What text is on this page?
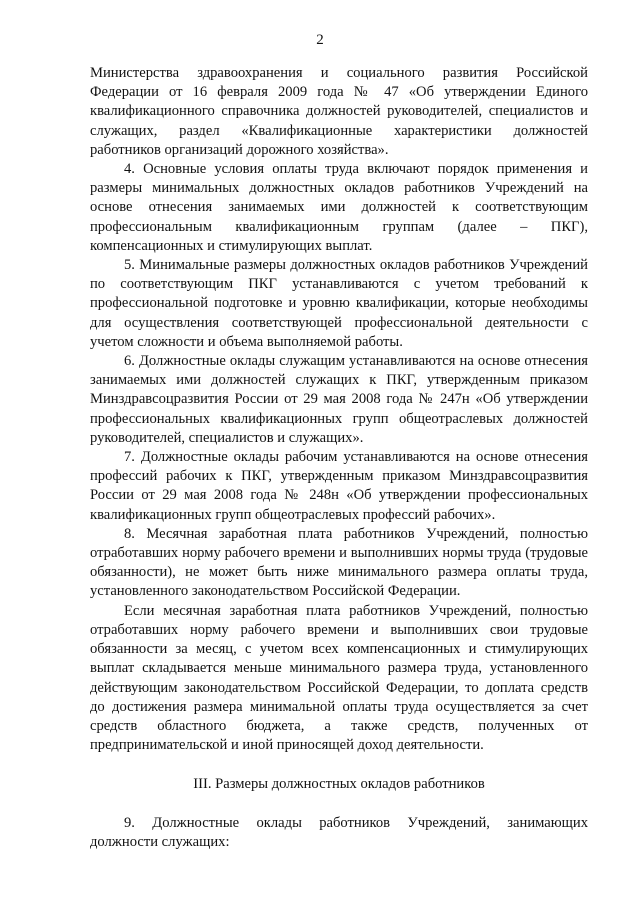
2

Министерства здравоохранения и социального развития Российской Федерации от 16 февраля 2009 года № 47 «Об утверждении Единого квалификационного справочника должностей руководителей, специалистов и служащих, раздел «Квалификационные характеристики должностей работников организаций дорожного хозяйства».

4. Основные условия оплаты труда включают порядок применения и размеры минимальных должностных окладов работников Учреждений на основе отнесения занимаемых ими должностей к соответствующим профессиональным квалификационным группам (далее – ПКГ), компенсационных и стимулирующих выплат.

5. Минимальные размеры должностных окладов работников Учреждений по соответствующим ПКГ устанавливаются с учетом требований к профессиональной подготовке и уровню квалификации, которые необходимы для осуществления соответствующей профессиональной деятельности с учетом сложности и объема выполняемой работы.

6. Должностные оклады служащим устанавливаются на основе отнесения занимаемых ими должностей служащих к ПКГ, утвержденным приказом Минздравсоцразвития России от 29 мая 2008 года № 247н «Об утверждении профессиональных квалификационных групп общеотраслевых должностей руководителей, специалистов и служащих».

7. Должностные оклады рабочим устанавливаются на основе отнесения профессий рабочих к ПКГ, утвержденным приказом Минздравсоцразвития России от 29 мая 2008 года № 248н «Об утверждении профессиональных квалификационных групп общеотраслевых профессий рабочих».

8. Месячная заработная плата работников Учреждений, полностью отработавших норму рабочего времени и выполнивших нормы труда (трудовые обязанности), не может быть ниже минимального размера оплаты труда, установленного законодательством Российской Федерации.

Если месячная заработная плата работников Учреждений, полностью отработавших норму рабочего времени и выполнивших свои трудовые обязанности за месяц, с учетом всех компенсационных и стимулирующих выплат складывается меньше минимального размера труда, установленного действующим законодательством Российской Федерации, то доплата средств до достижения размера минимальной оплаты труда осуществляется за счет средств областного бюджета, а также средств, полученных от предпринимательской и иной приносящей доход деятельности.

III. Размеры должностных окладов работников

9. Должностные оклады работников Учреждений, занимающих должности служащих:
